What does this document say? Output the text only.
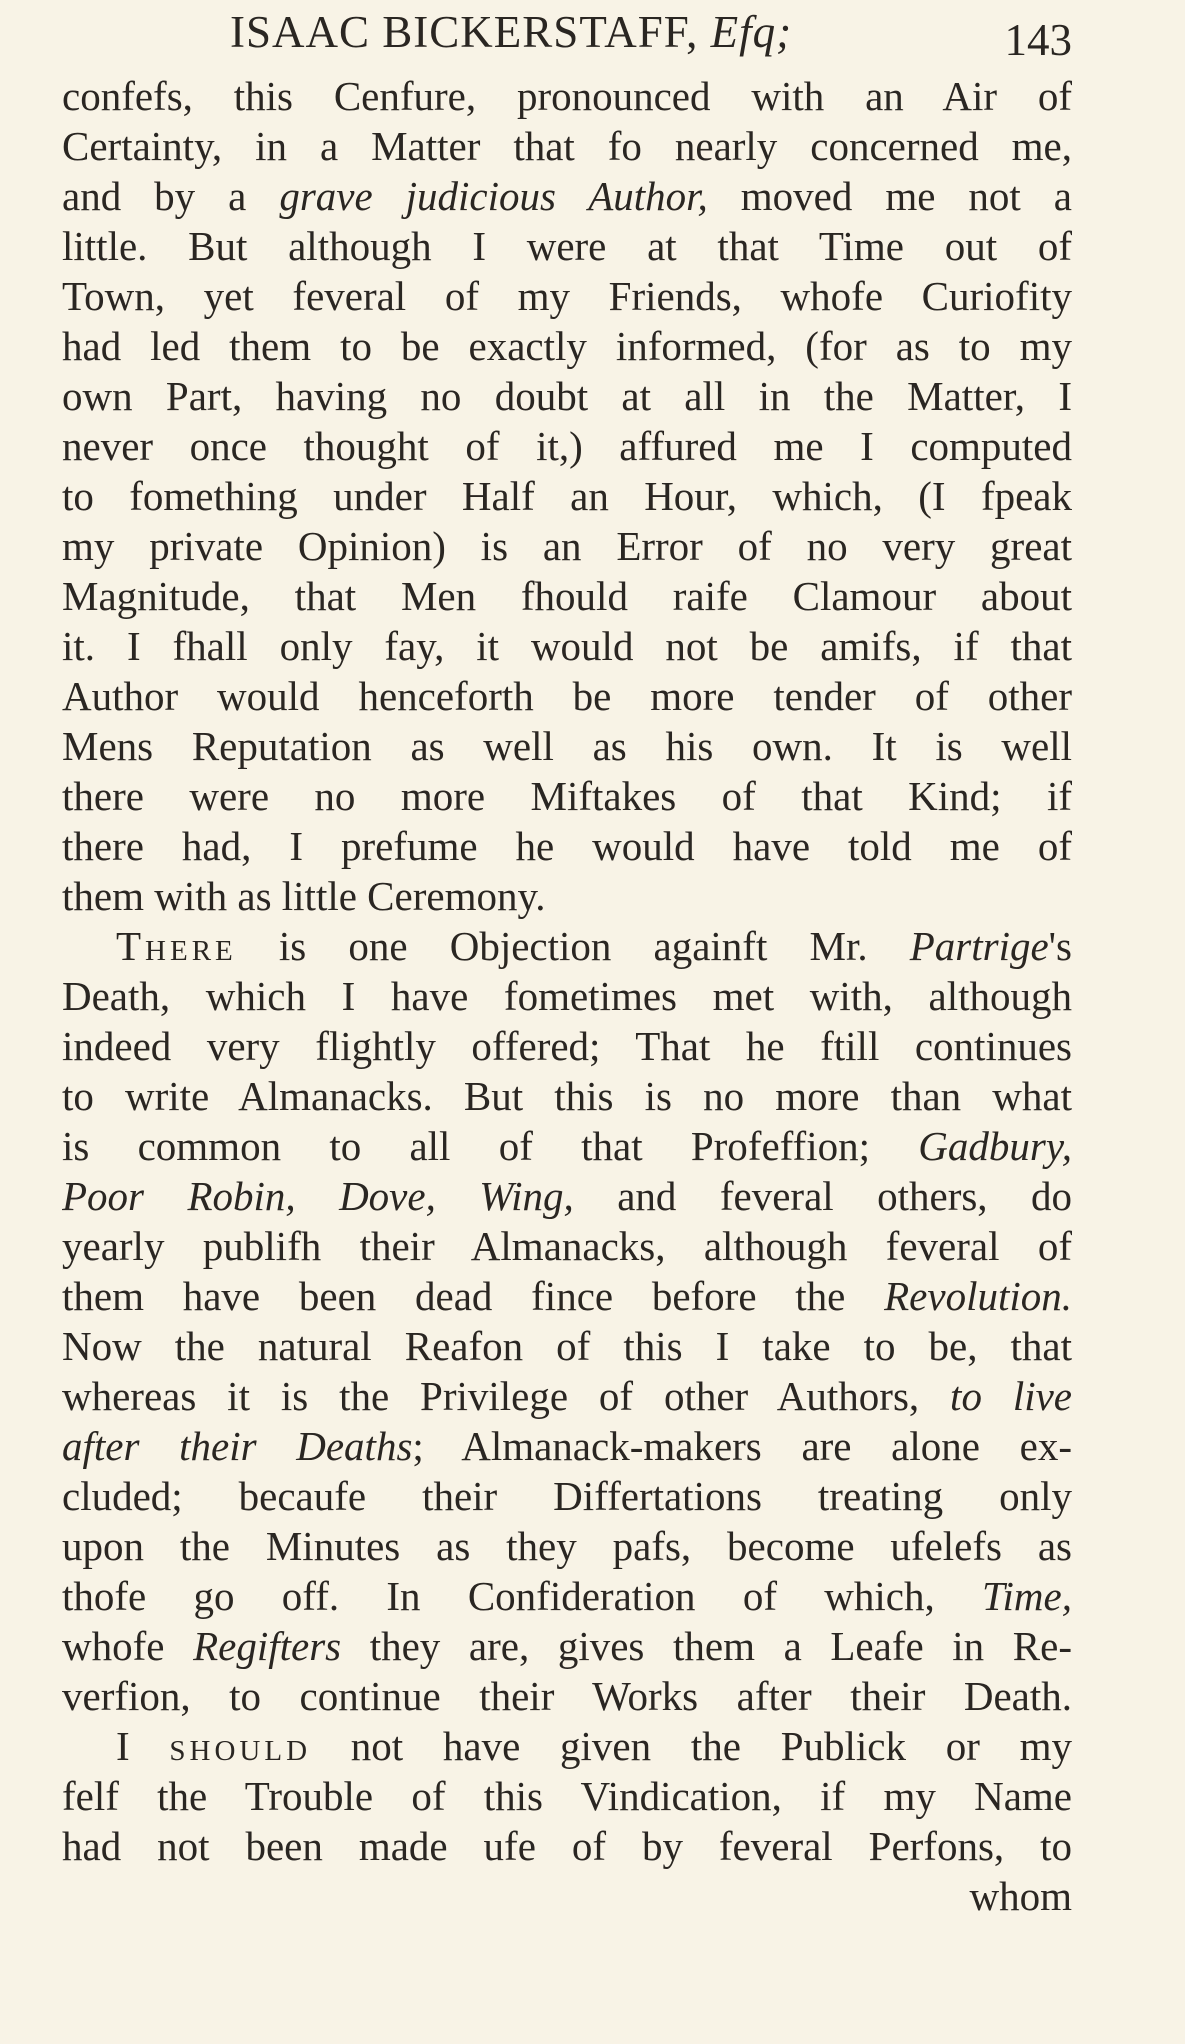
ISAAC BICKERSTAFF, Efq;	143
confefs, this Cenfure, pronounced with an Air of
Certainty, in a Matter that fo nearly concerned me,
and by a grave judicious Author, moved me not a
little. But although I were at that Time out of
Town, yet feveral of my Friends, whofe Curiofity
had led them to be exactly informed, (for as to my
own Part, having no doubt at all in the Matter, I
never once thought of it,) affured me I computed
to fomething under Half an Hour, which, (I fpeak
my private Opinion) is an Error of no very great
Magnitude, that Men fhould raife Clamour about
it. I fhall only fay, it would not be amifs, if that
Author would henceforth be more tender of other
Mens Reputation as well as his own. It is well
there were no more Miftakes of that Kind; if
there had, I prefume he would have told me of
them with as little Ceremony.
There is one Objection againft Mr. Partrige's
Death, which I have fometimes met with, although
indeed very flightly offered; That he ftill continues
to write Almanacks. But this is no more than what
is common to all of that Profeffion; Gadbury,
Poor Robin, Dove, Wing, and feveral others, do
yearly publifh their Almanacks, although feveral of
them have been dead fince before the Revolution.
Now the natural Reafon of this I take to be, that
whereas it is the Privilege of other Authors, to live
after their Deaths; Almanack-makers are alone ex-
cluded; becaufe their Differtations treating only
upon the Minutes as they pafs, become ufelefs as
thofe go off. In Confideration of which, Time,
whofe Regifters they are, gives them a Leafe in Re-
verfion, to continue their Works after their Death.
I should not have given the Publick or my
felf the Trouble of this Vindication, if my Name
had not been made ufe of by feveral Perfons, to
whom
